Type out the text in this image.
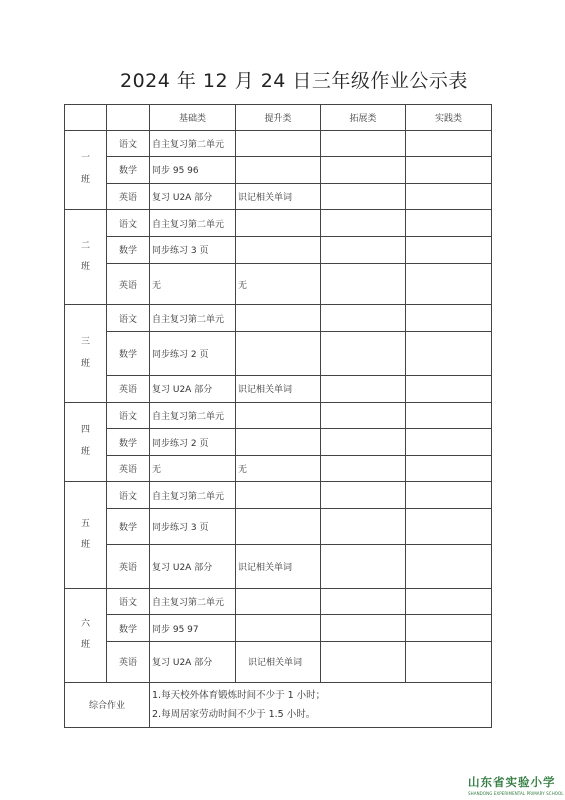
2024 年 12 月 24 日三年级作业公示表
		基础类	提升类	拓展类	实践类

一
班	语文	自主复习第二单元			
	数学	同步 95 96			
	英语	复习 U2A 部分	识记相关单词		

二
班	语文	自主复习第二单元			
	数学	同步练习 3 页			
	英语	无	无		

三
班	语文	自主复习第二单元			
	数学	同步练习 2 页			
	英语	复习 U2A 部分	识记相关单词		

四
班	语文	自主复习第二单元			
	数学	同步练习 2 页			
	英语	无	无		

五
班	语文	自主复习第二单元			
	数学	同步练习 3 页			
	英语	复习 U2A 部分	识记相关单词		

六
班	语文	自主复习第二单元			
	数学	同步 95 97			
	英语	复习 U2A 部分	识记相关单词		
综合作业		1.每天校外体育锻炼时间不少于 1 小时；
2.每周居家劳动时间不少于 1.5 小时。			
山东省实验小学
SHANDONG EXPERIMENTAL PRIMARY SCHOOL
